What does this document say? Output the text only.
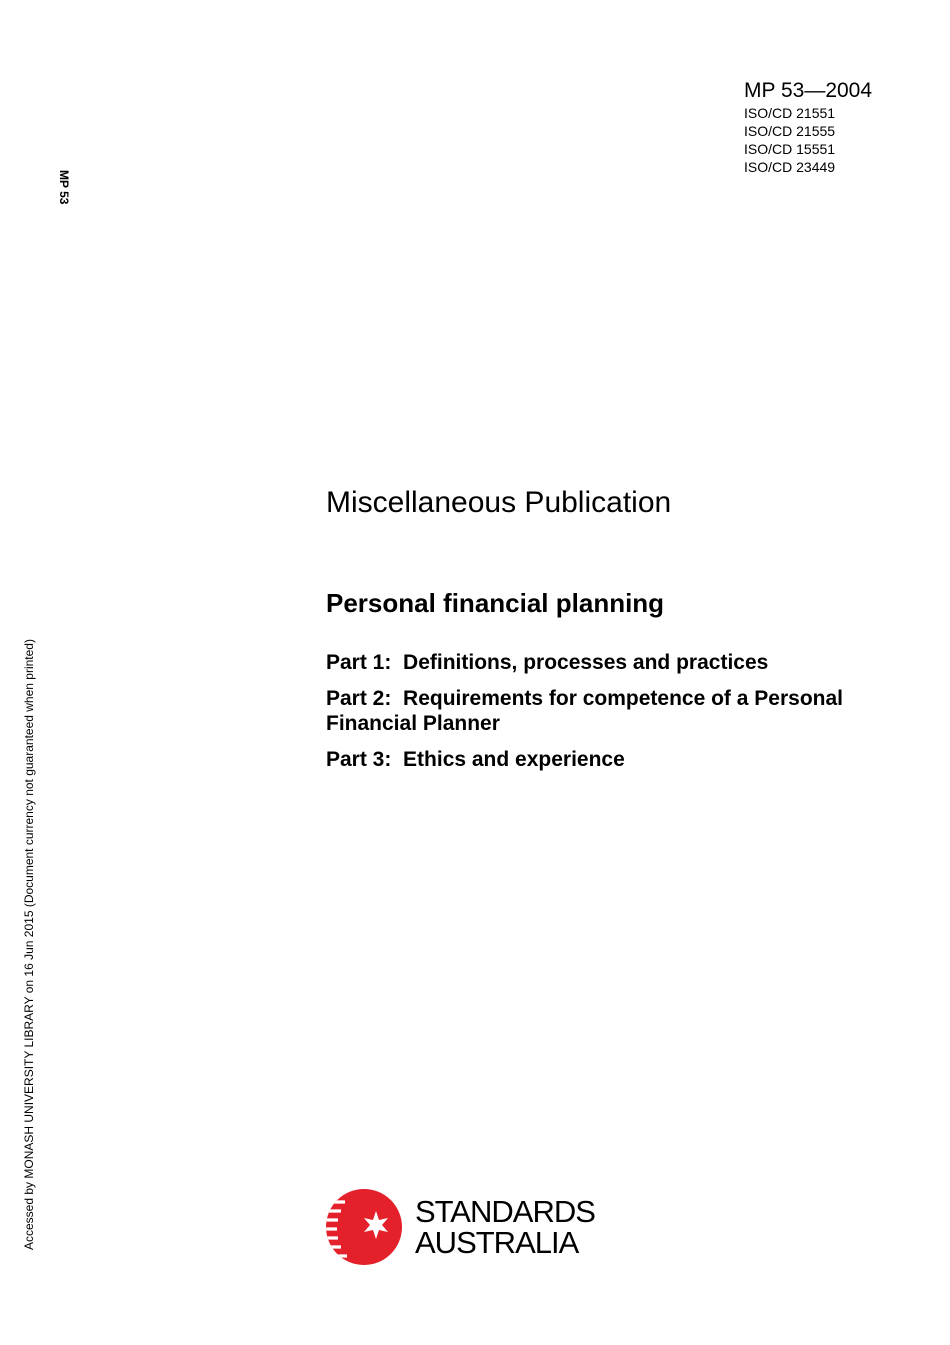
MP 53—2004
ISO/CD 21551
ISO/CD 21555
ISO/CD 15551
ISO/CD 23449
MP 53
Accessed by MONASH UNIVERSITY LIBRARY on 16 Jun 2015 (Document currency not guaranteed when printed)
Miscellaneous Publication
Personal financial planning
Part 1:  Definitions, processes and practices
Part 2:  Requirements for competence of a Personal Financial Planner
Part 3:  Ethics and experience
STANDARDS
AUSTRALIA
